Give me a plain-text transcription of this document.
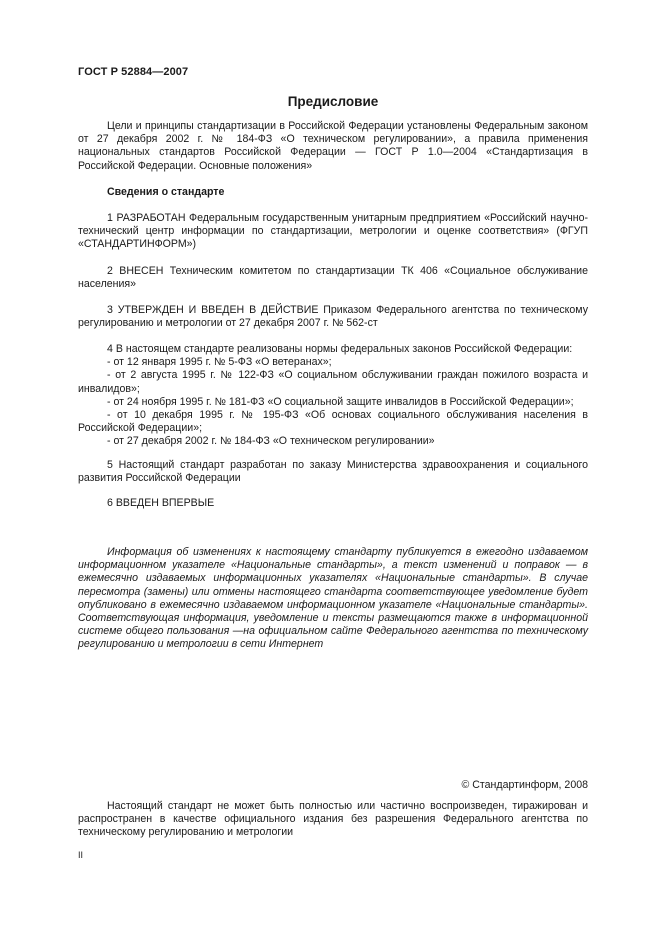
ГОСТ Р 52884—2007
Предисловие
Цели и принципы стандартизации в Российской Федерации установлены Федеральным законом от 27 декабря 2002 г. № 184-ФЗ «О техническом регулировании», а правила применения национальных стандартов Российской Федерации — ГОСТ Р 1.0—2004 «Стандартизация в Российской Федерации. Основные положения»
Сведения о стандарте
1 РАЗРАБОТАН Федеральным государственным унитарным предприятием «Российский научно-технический центр информации по стандартизации, метрологии и оценке соответствия» (ФГУП «СТАНДАРТИНФОРМ»)
2 ВНЕСЕН Техническим комитетом по стандартизации ТК 406 «Социальное обслуживание населения»
3 УТВЕРЖДЕН И ВВЕДЕН В ДЕЙСТВИЕ Приказом Федерального агентства по техническому регулированию и метрологии от 27 декабря 2007 г. № 562-ст
4 В настоящем стандарте реализованы нормы федеральных законов Российской Федерации:
- от 12 января 1995 г. № 5-ФЗ «О ветеранах»;
- от 2 августа 1995 г. № 122-ФЗ «О социальном обслуживании граждан пожилого возраста и инвалидов»;
- от 24 ноября 1995 г. № 181-ФЗ «О социальной защите инвалидов в Российской Федерации»;
- от 10 декабря 1995 г. № 195-ФЗ «Об основах социального обслуживания населения в Российской Федерации»;
- от 27 декабря 2002 г. № 184-ФЗ «О техническом регулировании»
5 Настоящий стандарт разработан по заказу Министерства здравоохранения и социального развития Российской Федерации
6 ВВЕДЕН ВПЕРВЫЕ
Информация об изменениях к настоящему стандарту публикуется в ежегодно издаваемом информационном указателе «Национальные стандарты», а текст изменений и поправок — в ежемесячно издаваемых информационных указателях «Национальные стандарты». В случае пересмотра (замены) или отмены настоящего стандарта соответствующее уведомление будет опубликовано в ежемесячно издаваемом информационном указателе «Национальные стандарты». Соответствующая информация, уведомление и тексты размещаются также в информационной системе общего пользования —на официальном сайте Федерального агентства по техническому регулированию и метрологии в сети Интернет
© Стандартинформ, 2008
Настоящий стандарт не может быть полностью или частично воспроизведен, тиражирован и распространен в качестве официального издания без разрешения Федерального агентства по техническому регулированию и метрологии
II
